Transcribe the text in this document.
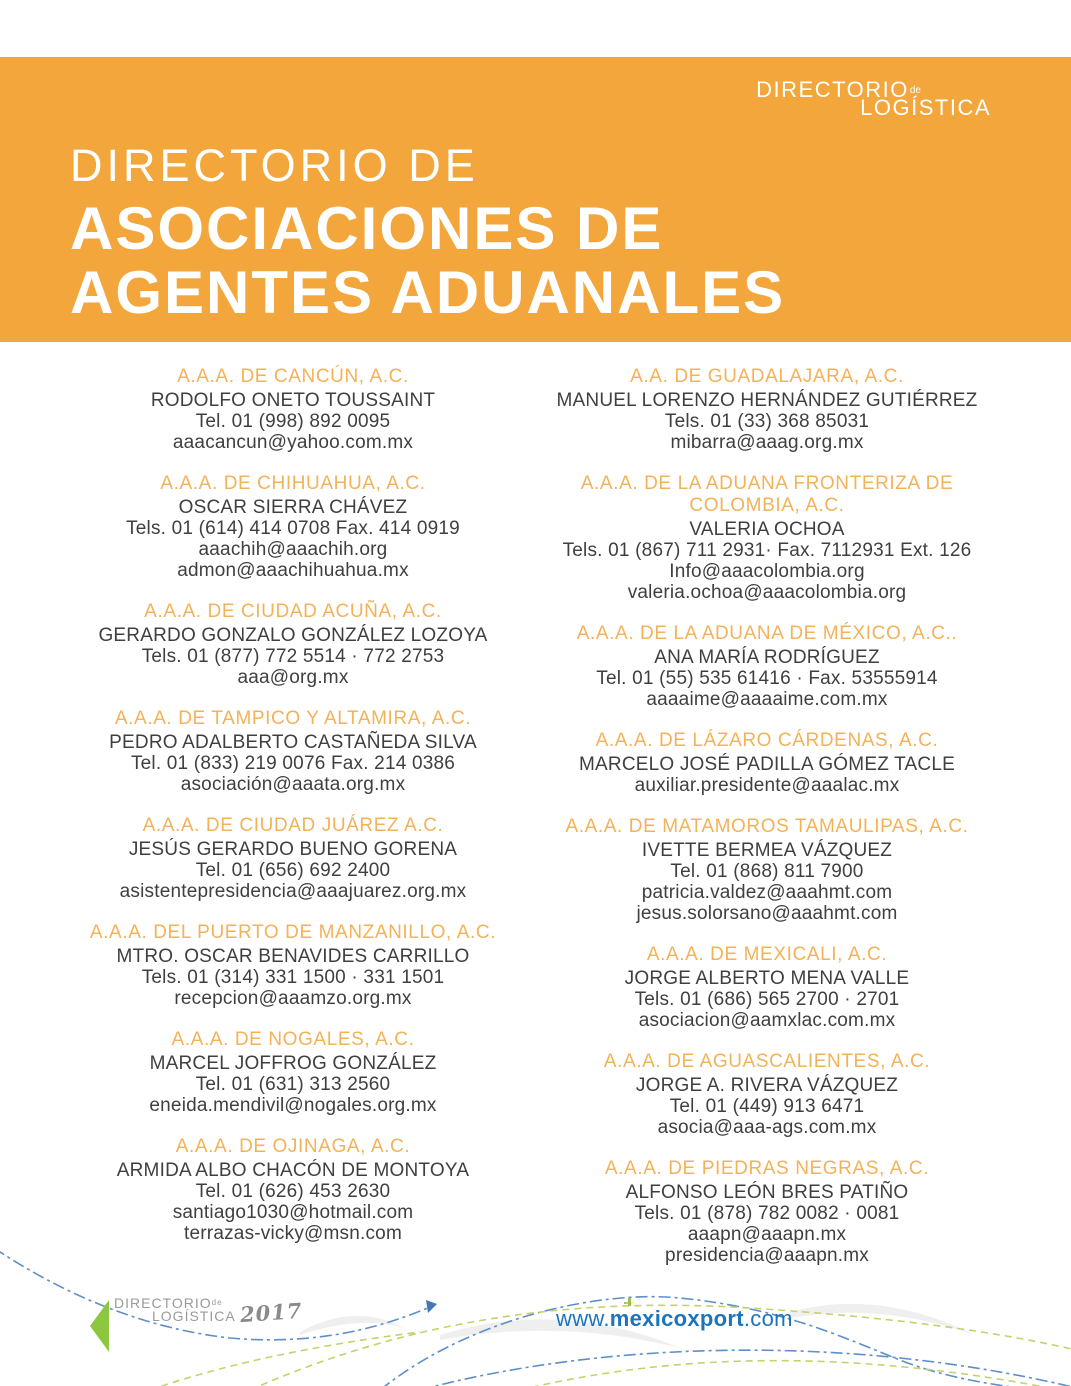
DIRECTORIOde
LOGÍSTICA
DIRECTORIO DE
ASOCIACIONES DE
AGENTES ADUANALES
A.A.A. DE CANCÚN, A.C.
RODOLFO ONETO TOUSSAINT
Tel. 01 (998) 892 0095
aaacancun@yahoo.com.mx
A.A.A. DE CHIHUAHUA, A.C.
OSCAR SIERRA CHÁVEZ
Tels. 01 (614) 414 0708 Fax. 414 0919
aaachih@aaachih.org
admon@aaachihuahua.mx
A.A.A. DE CIUDAD ACUÑA, A.C.
GERARDO GONZALO GONZÁLEZ LOZOYA
Tels. 01 (877) 772 5514 · 772 2753
aaa@org.mx
A.A.A. DE TAMPICO Y ALTAMIRA, A.C.
PEDRO ADALBERTO CASTAÑEDA SILVA
Tel. 01 (833) 219 0076 Fax. 214 0386
asociación@aaata.org.mx
A.A.A. DE CIUDAD JUÁREZ A.C.
JESÚS GERARDO BUENO GORENA
Tel. 01 (656) 692 2400
asistentepresidencia@aaajuarez.org.mx
A.A.A. DEL PUERTO DE MANZANILLO, A.C.
MTRO. OSCAR BENAVIDES CARRILLO
Tels. 01 (314) 331 1500 · 331 1501
recepcion@aaamzo.org.mx
A.A.A. DE NOGALES, A.C.
MARCEL JOFFROG GONZÁLEZ
Tel. 01 (631) 313 2560
eneida.mendivil@nogales.org.mx
A.A.A. DE OJINAGA, A.C.
ARMIDA ALBO CHACÓN DE MONTOYA
Tel. 01 (626) 453 2630
santiago1030@hotmail.com
terrazas-vicky@msn.com
A.A. DE GUADALAJARA, A.C.
MANUEL LORENZO HERNÁNDEZ GUTIÉRREZ
Tels. 01 (33) 368 85031
mibarra@aaag.org.mx
A.A.A. DE LA ADUANA FRONTERIZA DE COLOMBIA, A.C.
VALERIA OCHOA
Tels. 01 (867) 711 2931· Fax. 7112931 Ext. 126
Info@aaacolombia.org
valeria.ochoa@aaacolombia.org
A.A.A. DE LA ADUANA DE MÉXICO, A.C..
ANA MARÍA RODRÍGUEZ
Tel. 01 (55) 535 61416 · Fax. 53555914
aaaaime@aaaaime.com.mx
A.A.A. DE LÁZARO CÁRDENAS, A.C.
MARCELO JOSÉ PADILLA GÓMEZ TACLE
auxiliar.presidente@aaalac.mx
A.A.A. DE MATAMOROS TAMAULIPAS, A.C.
IVETTE BERMEA VÁZQUEZ
Tel. 01 (868) 811 7900
patricia.valdez@aaahmt.com
jesus.solorsano@aaahmt.com
A.A.A. DE MEXICALI, A.C.
JORGE ALBERTO MENA VALLE
Tels. 01 (686) 565 2700 · 2701
asociacion@aamxlac.com.mx
A.A.A. DE AGUASCALIENTES, A.C.
JORGE A. RIVERA VÁZQUEZ
Tel. 01 (449) 913 6471
asocia@aaa-ags.com.mx
A.A.A. DE PIEDRAS NEGRAS, A.C.
ALFONSO LEÓN BRES PATIÑO
Tels. 01 (878) 782 0082 · 0081
aaapn@aaapn.mx
presidencia@aaapn.mx
$DIRECTORIO^{de}$
LOGÍSTICA 2017	www.mexicoxport.com
